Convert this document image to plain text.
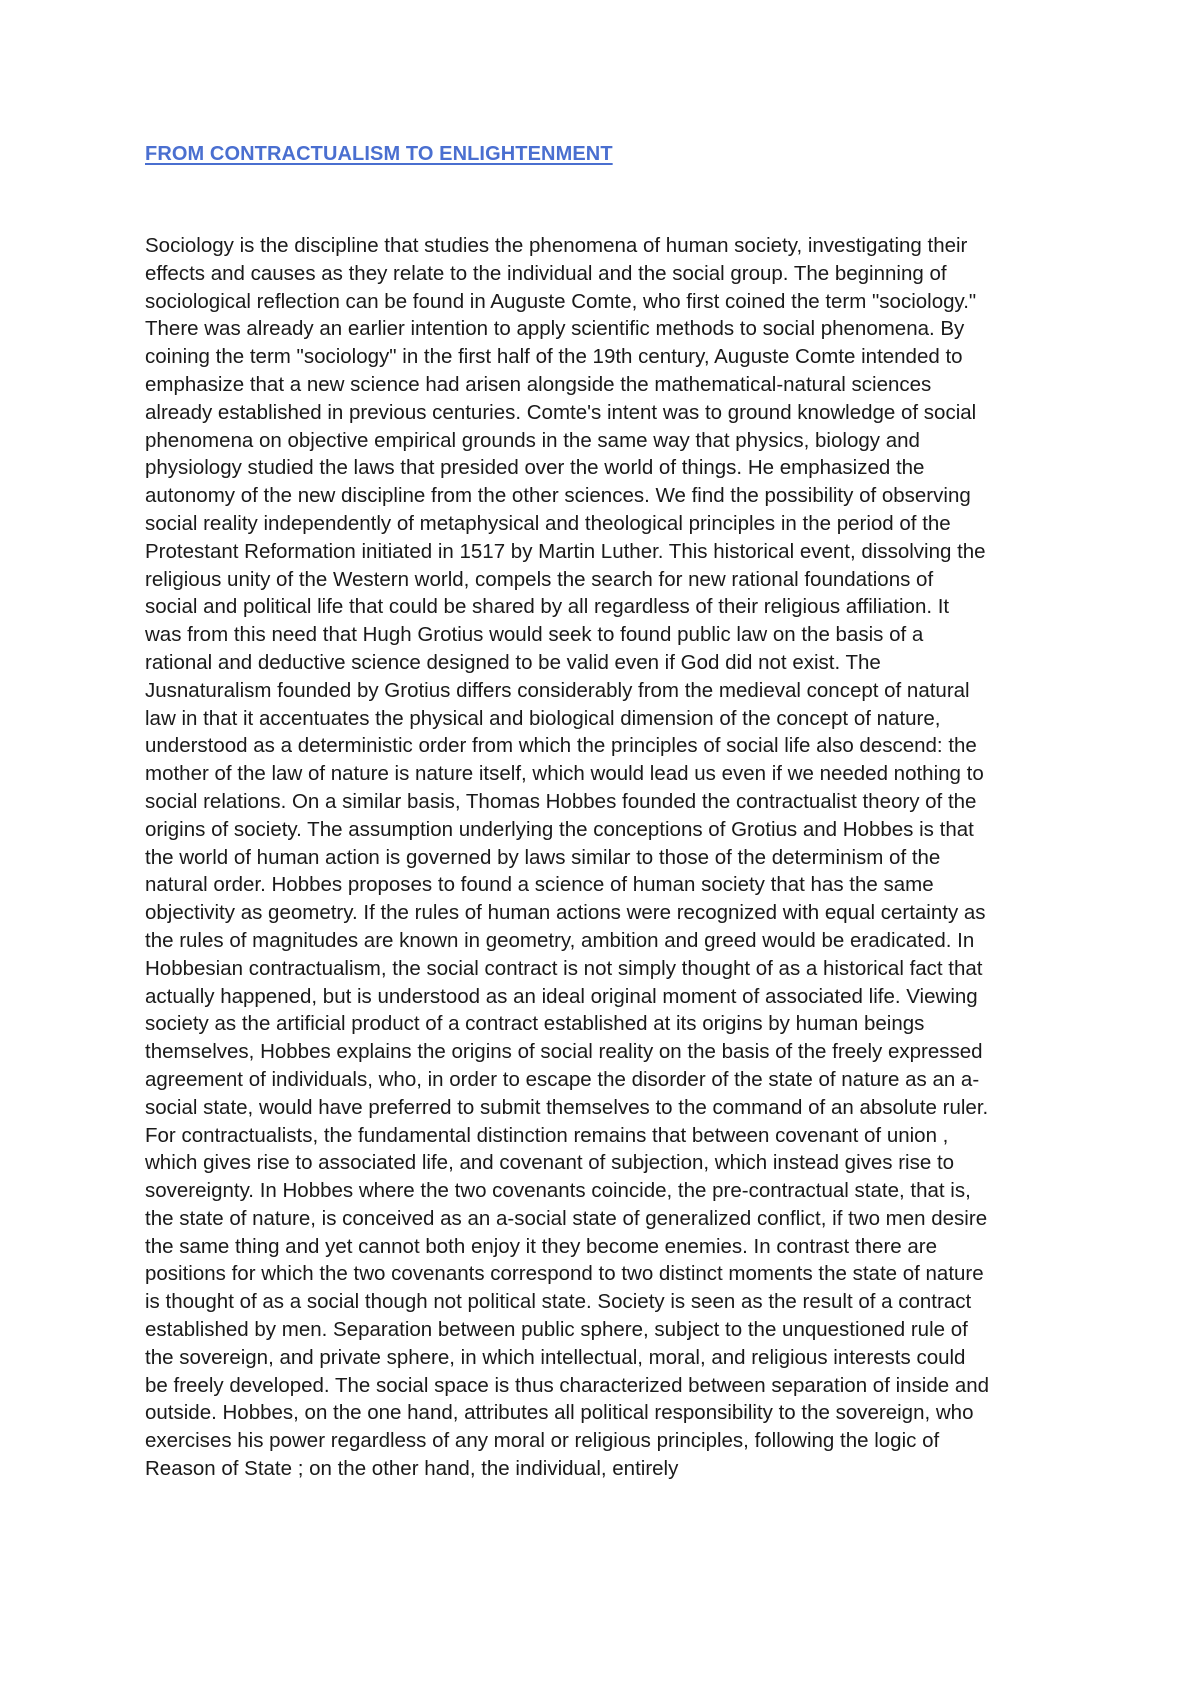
FROM CONTRACTUALISM TO ENLIGHTENMENT
Sociology is the discipline that studies the phenomena of human society, investigating their
effects and causes as they relate to the individual and the social group. The beginning of
sociological reflection can be found in Auguste Comte, who first coined the term "sociology."
There was already an earlier intention to apply scientific methods to social phenomena. By
coining the term "sociology" in the first half of the 19th century, Auguste Comte intended to
emphasize that a new science had arisen alongside the mathematical-natural sciences
already established in previous centuries. Comte's intent was to ground knowledge of social
phenomena on objective empirical grounds in the same way that physics, biology and
physiology studied the laws that presided over the world of things. He emphasized the
autonomy of the new discipline from the other sciences. We find the possibility of observing
social reality independently of metaphysical and theological principles in the period of the
Protestant Reformation initiated in 1517 by Martin Luther. This historical event, dissolving the
religious unity of the Western world, compels the search for new rational foundations of
social and political life that could be shared by all regardless of their religious affiliation. It
was from this need that Hugh Grotius would seek to found public law on the basis of a
rational and deductive science designed to be valid even if God did not exist. The
Jusnaturalism founded by Grotius differs considerably from the medieval concept of natural
law in that it accentuates the physical and biological dimension of the concept of nature,
understood as a deterministic order from which the principles of social life also descend: the
mother of the law of nature is nature itself, which would lead us even if we needed nothing to
social relations. On a similar basis, Thomas Hobbes founded the contractualist theory of the
origins of society. The assumption underlying the conceptions of Grotius and Hobbes is that
the world of human action is governed by laws similar to those of the determinism of the
natural order. Hobbes proposes to found a science of human society that has the same
objectivity as geometry. If the rules of human actions were recognized with equal certainty as
the rules of magnitudes are known in geometry, ambition and greed would be eradicated. In
Hobbesian contractualism, the social contract is not simply thought of as a historical fact that
actually happened, but is understood as an ideal original moment of associated life. Viewing
society as the artificial product of a contract established at its origins by human beings
themselves, Hobbes explains the origins of social reality on the basis of the freely expressed
agreement of individuals, who, in order to escape the disorder of the state of nature as an a-
social state, would have preferred to submit themselves to the command of an absolute ruler.
For contractualists, the fundamental distinction remains that between covenant of union ,
which gives rise to associated life, and covenant of subjection, which instead gives rise to
sovereignty. In Hobbes where the two covenants coincide, the pre-contractual state, that is,
the state of nature, is conceived as an a-social state of generalized conflict, if two men desire
the same thing and yet cannot both enjoy it they become enemies. In contrast there are
positions for which the two covenants correspond to two distinct moments the state of nature
is thought of as a social though not political state. Society is seen as the result of a contract
established by men. Separation between public sphere, subject to the unquestioned rule of
the sovereign, and private sphere, in which intellectual, moral, and religious interests could
be freely developed. The social space is thus characterized between separation of inside and
outside. Hobbes, on the one hand, attributes all political responsibility to the sovereign, who
exercises his power regardless of any moral or religious principles, following the logic of
Reason of State ; on the other hand, the individual, entirely
